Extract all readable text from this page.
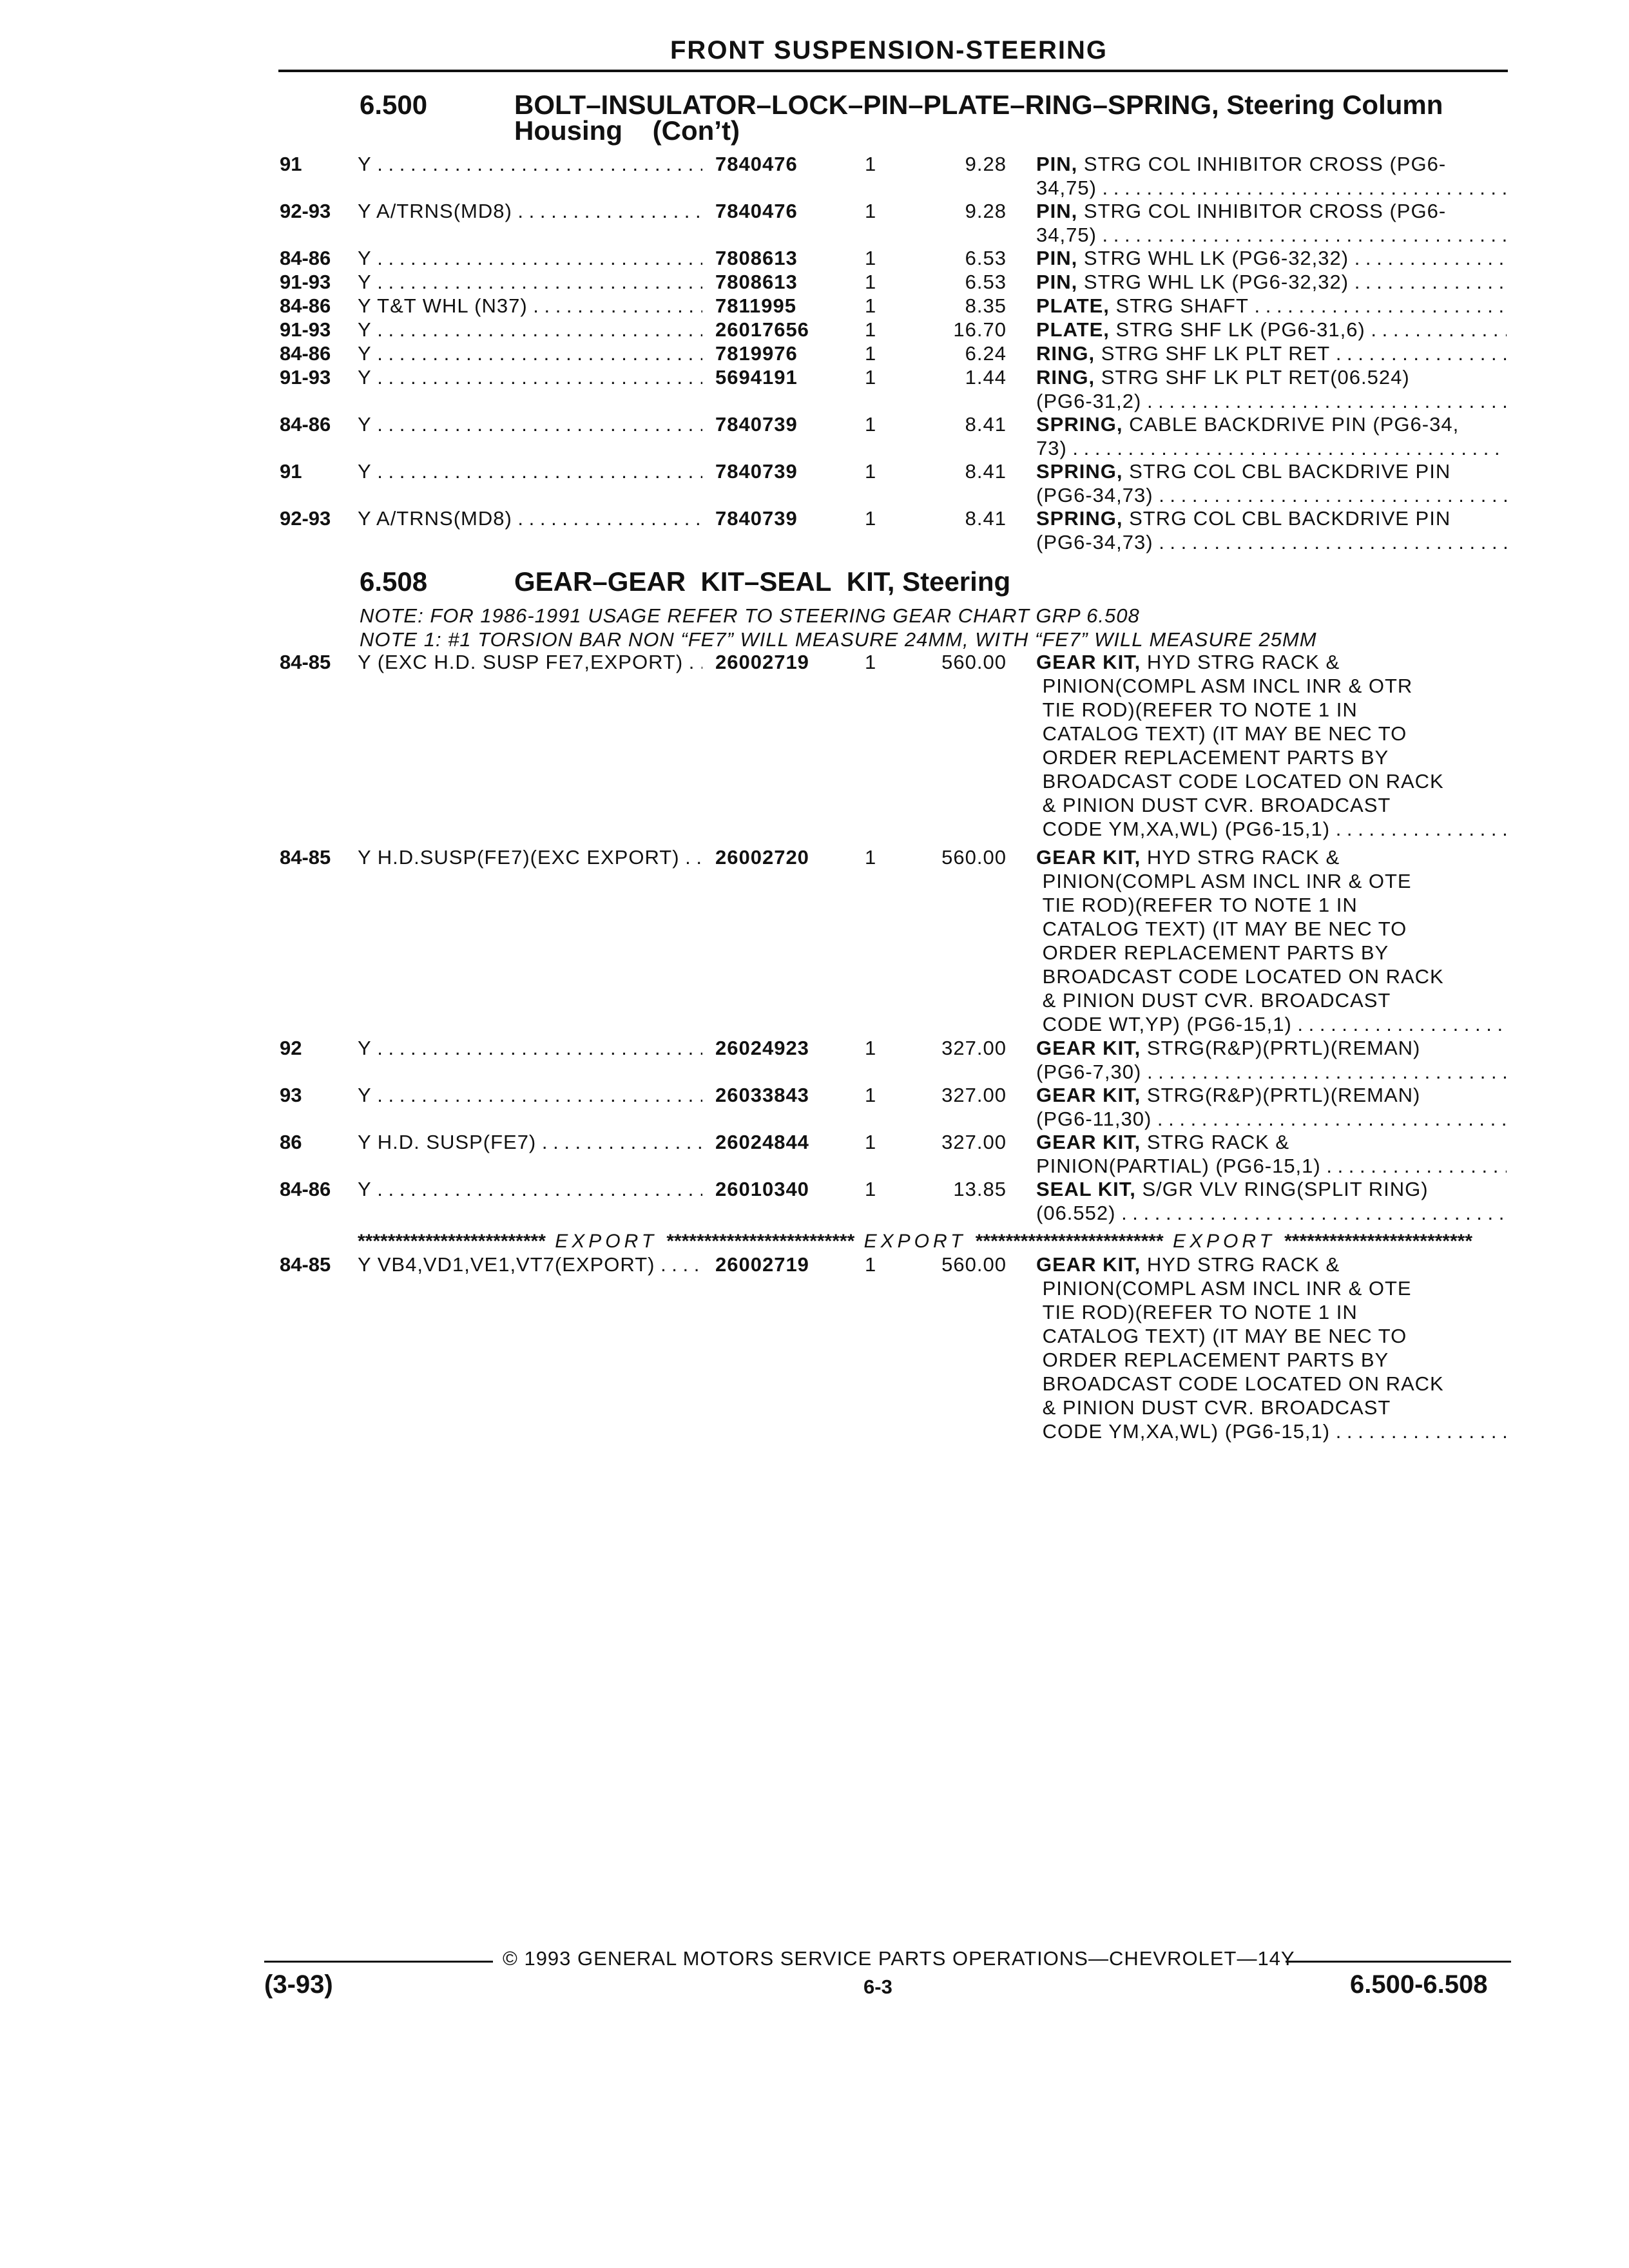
FRONT SUSPENSION-STEERING
6.500	BOLT–INSULATOR–LOCK–PIN–PLATE–RING–SPRING, Steering Column
Housing    (Con’t)
91	Y . . .	7840476	1	9.28 PIN, STRG COL INHIBITOR CROSS (PG6-
34,75) . . .
92-93	Y A/TRNS(MD8) . . .	7840476	1	9.28 PIN, STRG COL INHIBITOR CROSS (PG6-
34,75) . . .
84-86	Y . . .	7808613	1	6.53 PIN, STRG WHL LK (PG6-32,32) . . .
91-93	Y . . .	7808613	1	6.53 PIN, STRG WHL LK (PG6-32,32) . . .
84-86	Y T&T WHL (N37) . . .	7811995	1	8.35 PLATE, STRG SHAFT . . .
91-93	Y . . .	26017656	1	16.70 PLATE, STRG SHF LK (PG6-31,6) . . .
84-86	Y . . .	7819976	1	6.24 RING, STRG SHF LK PLT RET . . .
91-93	Y . . .	5694191	1	1.44 RING, STRG SHF LK PLT RET(06.524)
(PG6-31,2) . . .
84-86	Y . . .	7840739	1	8.41 SPRING, CABLE BACKDRIVE PIN (PG6-34,
73) . . .
91	Y . . .	7840739	1	8.41 SPRING, STRG COL CBL BACKDRIVE PIN
(PG6-34,73) . . .
92-93	Y A/TRNS(MD8) . . .	7840739	1	8.41 SPRING, STRG COL CBL BACKDRIVE PIN
(PG6-34,73) . . .
6.508	GEAR–GEAR  KIT–SEAL  KIT, Steering
NOTE: FOR 1986-1991 USAGE REFER TO STEERING GEAR CHART GRP 6.508
NOTE 1: #1 TORSION BAR NON “FE7” WILL MEASURE 24MM, WITH “FE7” WILL MEASURE 25MM
84-85	Y (EXC H.D. SUSP FE7,EXPORT) . . .	26002719	1	560.00 GEAR KIT, HYD STRG RACK &
PINION(COMPL ASM INCL INR & OTR
TIE ROD)(REFER TO NOTE 1 IN
CATALOG TEXT) (IT MAY BE NEC TO
ORDER REPLACEMENT PARTS BY
BROADCAST CODE LOCATED ON RACK
& PINION DUST CVR. BROADCAST
CODE YM,XA,WL) (PG6-15,1) . . .
84-85	Y H.D.SUSP(FE7)(EXC EXPORT) . . .	26002720	1	560.00 GEAR KIT, HYD STRG RACK &
PINION(COMPL ASM INCL INR & OTE
TIE ROD)(REFER TO NOTE 1 IN
CATALOG TEXT) (IT MAY BE NEC TO
ORDER REPLACEMENT PARTS BY
BROADCAST CODE LOCATED ON RACK
& PINION DUST CVR. BROADCAST
CODE WT,YP) (PG6-15,1) . . .
92	Y . . .	26024923	1	327.00 GEAR KIT, STRG(R&P)(PRTL)(REMAN)
(PG6-7,30) . . .
93	Y . . .	26033843	1	327.00 GEAR KIT, STRG(R&P)(PRTL)(REMAN)
(PG6-11,30) . . .
86	Y H.D. SUSP(FE7) . . .	26024844	1	327.00 GEAR KIT, STRG RACK &
PINION(PARTIAL) (PG6-15,1) . . .
84-86	Y . . .	26010340	1	13.85 SEAL KIT, S/GR VLV RING(SPLIT RING)
(06.552) . . .
************************* EXPORT ************************* EXPORT ************************* EXPORT *************************
84-85	Y VB4,VD1,VE1,VT7(EXPORT) . . .	26002719	1	560.00 GEAR KIT, HYD STRG RACK &
PINION(COMPL ASM INCL INR & OTE
TIE ROD)(REFER TO NOTE 1 IN
CATALOG TEXT) (IT MAY BE NEC TO
ORDER REPLACEMENT PARTS BY
BROADCAST CODE LOCATED ON RACK
& PINION DUST CVR. BROADCAST
CODE YM,XA,WL) (PG6-15,1) . . .
© 1993 GENERAL MOTORS SERVICE PARTS OPERATIONS—CHEVROLET—14Y
(3-93)	6-3	6.500-6.508
